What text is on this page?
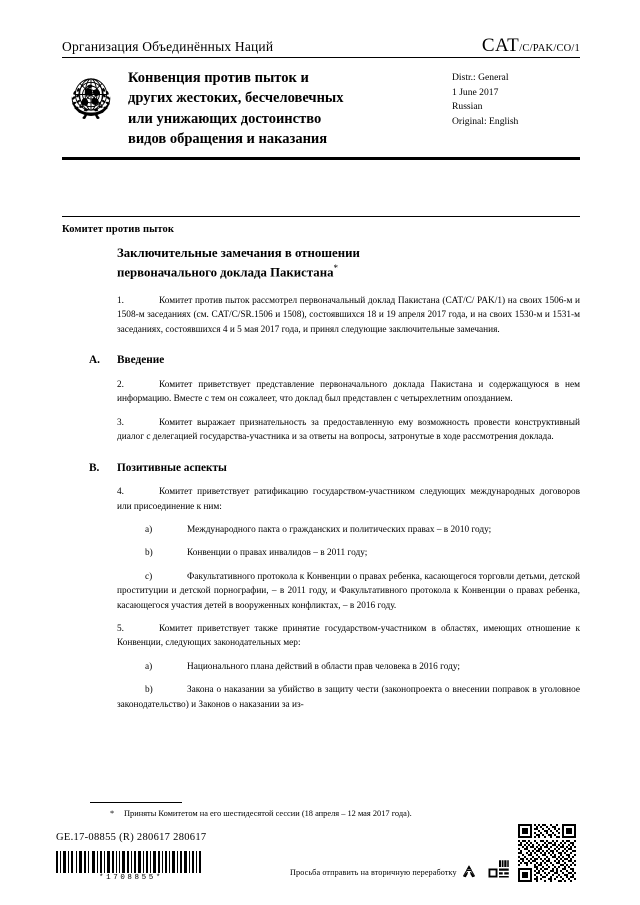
Организация Объединённых Наций	CAT/C/PAK/CO/1
Конвенция против пыток и
других жестоких, бесчеловечных
или унижающих достоинство
видов обращения и наказания
Distr.: General
1 June 2017
Russian
Original: English
Комитет против пыток
Заключительные замечания в отношении
первоначального доклада Пакистана*

1.	Комитет против пыток рассмотрел первоначальный доклад Пакистана (CAT/C/ PAK/1) на своих 1506-м и 1508-м заседаниях (см. CAT/C/SR.1506 и 1508), состоявшихся 18 и 19 апреля 2017 года, и на своих 1530-м и 1531-м заседаниях, состоявшихся 4 и 5 мая 2017 года, и принял следующие заключительные замечания.

A. Введение

2.	Комитет приветствует представление первоначального доклада Пакистана и содержащуюся в нем информацию. Вместе с тем он сожалеет, что доклад был представлен с четырехлетним опозданием.

3.	Комитет выражает признательность за предоставленную ему возможность провести конструктивный диалог с делегацией государства-участника и за ответы на вопросы, затронутые в ходе рассмотрения доклада.

B. Позитивные аспекты

4.	Комитет приветствует ратификацию государством-участником следующих международных договоров или присоединение к ним:

a)	Международного пакта о гражданских и политических правах – в 2010 году;

b)	Конвенции о правах инвалидов – в 2011 году;

c)	Факультативного протокола к Конвенции о правах ребенка, касающегося торговли детьми, детской проституции и детской порнографии, – в 2011 году, и Факультативного протокола к Конвенции о правах ребенка, касающегося участия детей в вооруженных конфликтах, – в 2016 году.

5.	Комитет приветствует также принятие государством-участником в областях, имеющих отношение к Конвенции, следующих законодательных мер:

a)	Национального плана действий в области прав человека в 2016 году;

b)	Закона о наказании за убийство в защиту чести (законопроекта о внесении поправок в уголовное законодательство) и Законов о наказании за из-

*	Приняты Комитетом на его шестидесятой сессии (18 апреля – 12 мая 2017 года).
GE.17-08855 (R) 280617 280617
*1708855*
Просьба отправить на вторичную переработку
